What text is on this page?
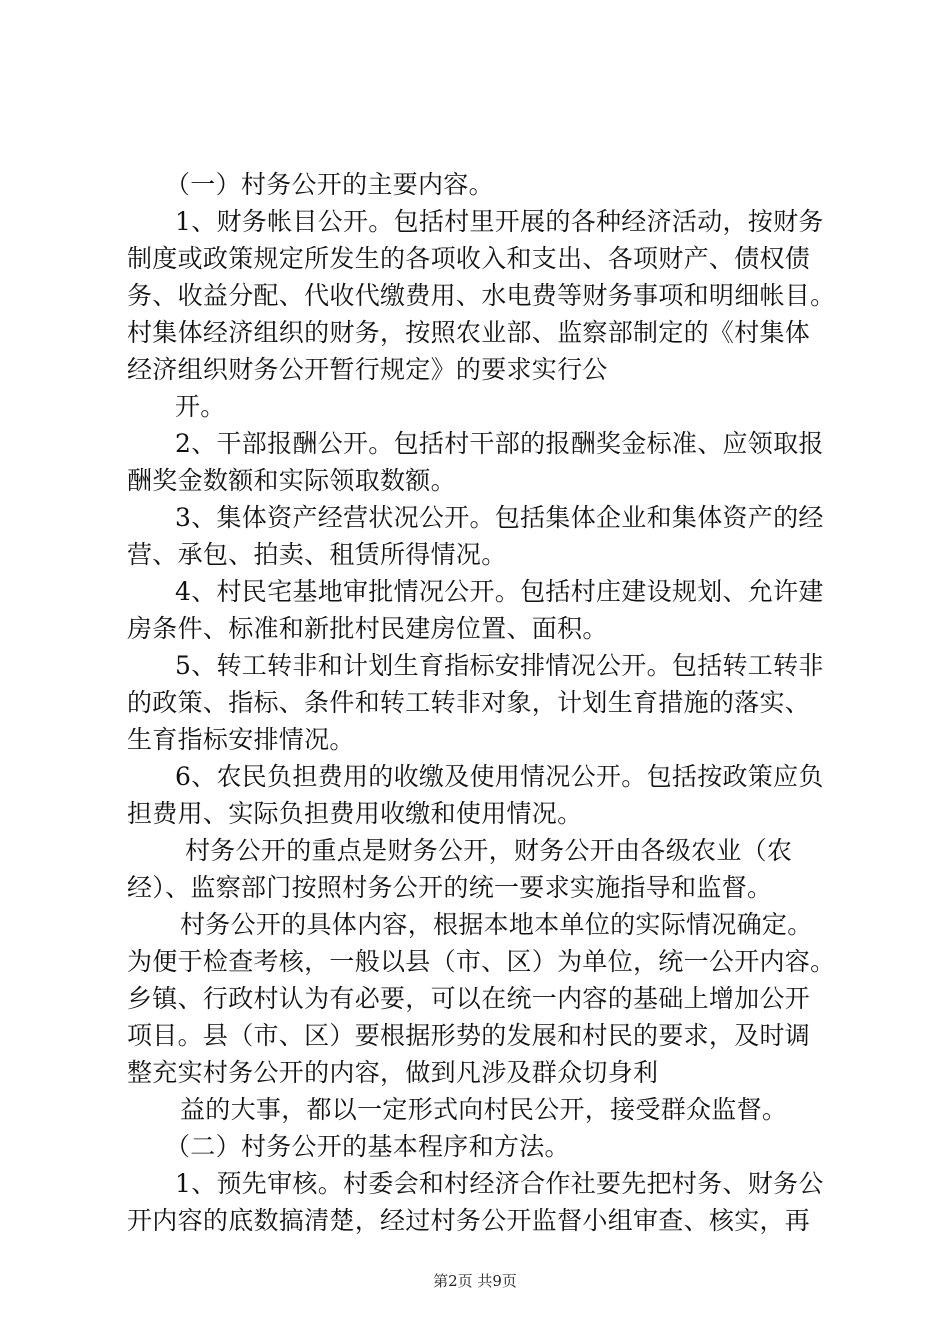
（一）村务公开的主要内容。
1、财务帐目公开。包括村里开展的各种经济活动，按财务
制度或政策规定所发生的各项收入和支出、各项财产、债权债
务、收益分配、代收代缴费用、水电费等财务事项和明细帐目。
村集体经济组织的财务，按照农业部、监察部制定的《村集体
经济组织财务公开暂行规定》的要求实行公
开。
2、干部报酬公开。包括村干部的报酬奖金标准、应领取报
酬奖金数额和实际领取数额。
3、集体资产经营状况公开。包括集体企业和集体资产的经
营、承包、拍卖、租赁所得情况。
4、村民宅基地审批情况公开。包括村庄建设规划、允许建
房条件、标准和新批村民建房位置、面积。
5、转工转非和计划生育指标安排情况公开。包括转工转非
的政策、指标、条件和转工转非对象，计划生育措施的落实、
生育指标安排情况。
6、农民负担费用的收缴及使用情况公开。包括按政策应负
担费用、实际负担费用收缴和使用情况。
村务公开的重点是财务公开，财务公开由各级农业（农
经）、监察部门按照村务公开的统一要求实施指导和监督。
村务公开的具体内容，根据本地本单位的实际情况确定。
为便于检查考核，一般以县（市、区）为单位，统一公开内容。
乡镇、行政村认为有必要，可以在统一内容的基础上增加公开
项目。县（市、区）要根据形势的发展和村民的要求，及时调
整充实村务公开的内容，做到凡涉及群众切身利
益的大事，都以一定形式向村民公开，接受群众监督。
（二）村务公开的基本程序和方法。
1、预先审核。村委会和村经济合作社要先把村务、财务公
开内容的底数搞清楚，经过村务公开监督小组审查、核实，再
第2页 共9页
